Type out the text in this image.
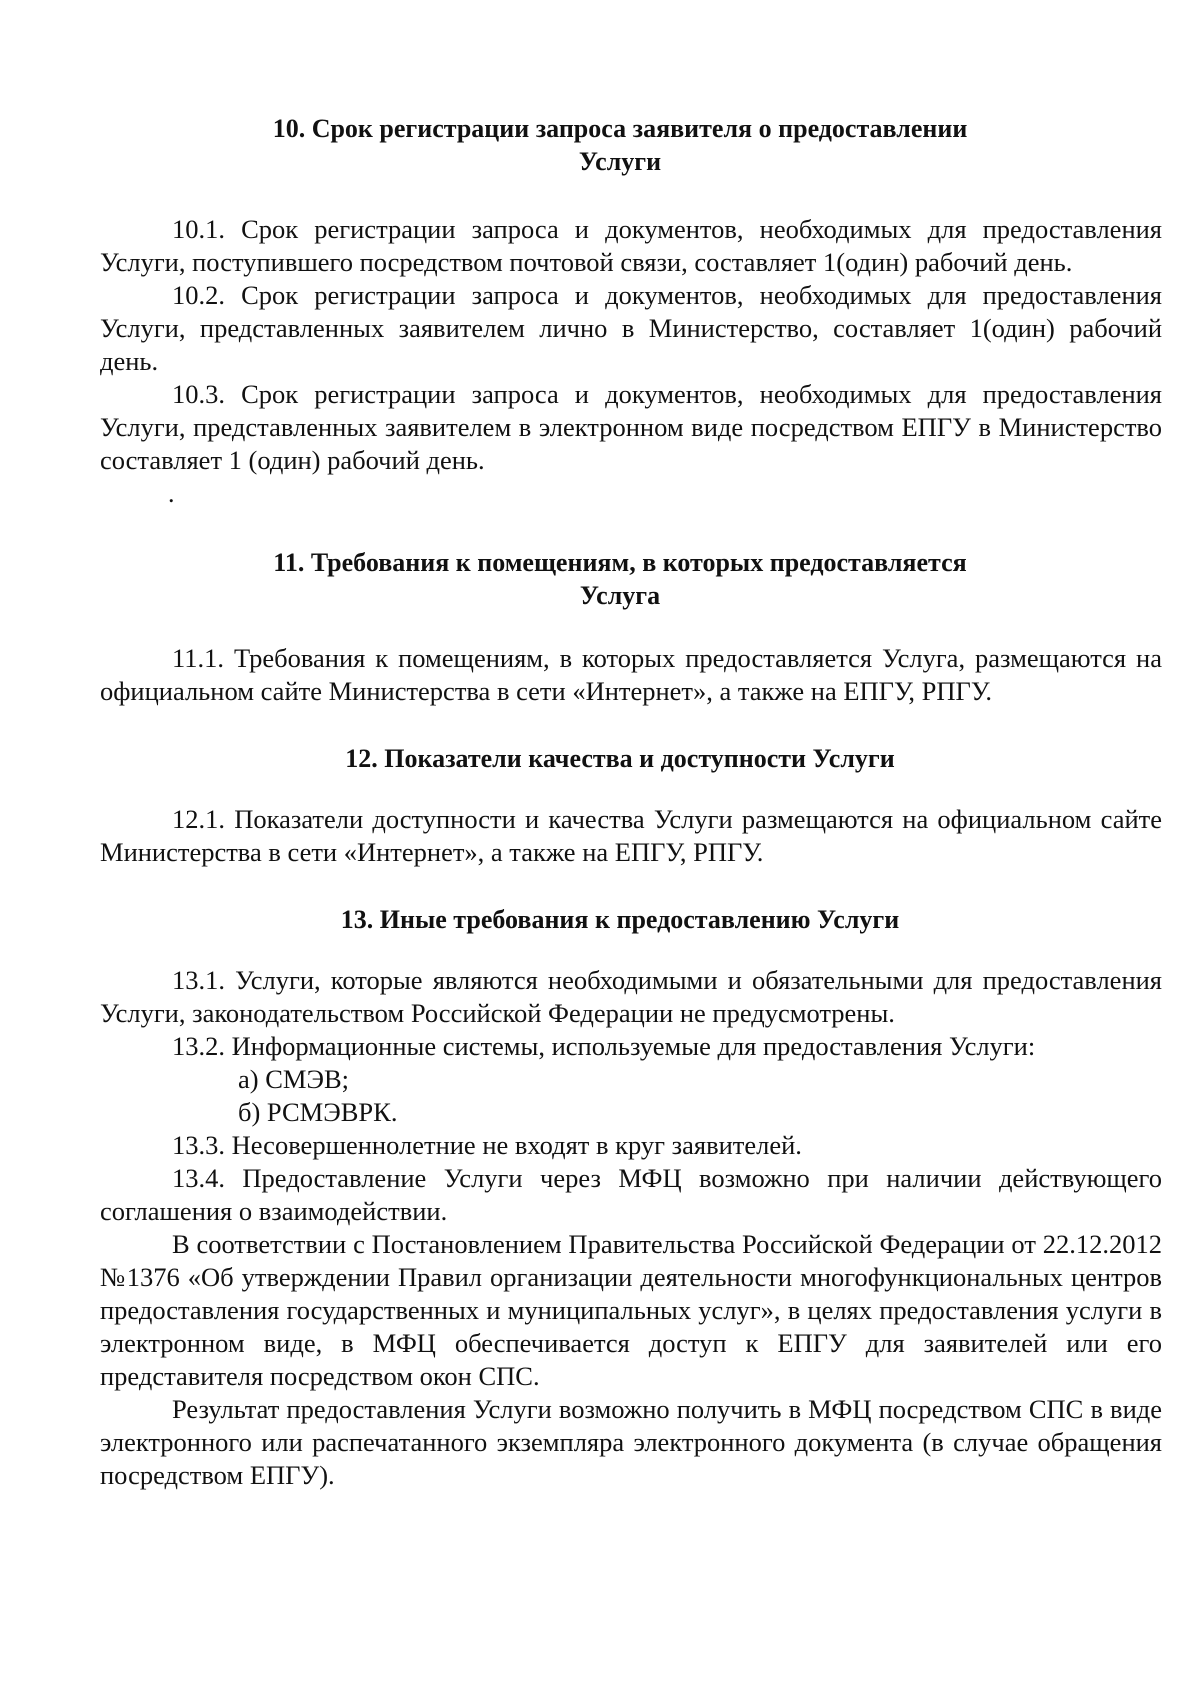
10. Срок регистрации запроса заявителя о предоставлении
Услуги

10.1. Срок регистрации запроса и документов, необходимых для предоставления Услуги, поступившего посредством почтовой связи, составляет 1(один) рабочий день.

10.2. Срок регистрации запроса и документов, необходимых для предоставления Услуги, представленных заявителем лично в Министерство, составляет 1(один) рабочий день.

10.3. Срок регистрации запроса и документов, необходимых для предоставления Услуги, представленных заявителем в электронном виде посредством ЕПГУ в Министерство составляет 1 (один) рабочий день.

.
11. Требования к помещениям, в которых предоставляется
Услуга

11.1. Требования к помещениям, в которых предоставляется Услуга, размещаются на официальном сайте Министерства в сети «Интернет», а также на ЕПГУ, РПГУ.

12. Показатели качества и доступности Услуги

12.1. Показатели доступности и качества Услуги размещаются на официальном сайте Министерства в сети «Интернет», а также на ЕПГУ, РПГУ.

13. Иные требования к предоставлению Услуги

13.1. Услуги, которые являются необходимыми и обязательными для предоставления Услуги, законодательством Российской Федерации не предусмотрены.

13.2. Информационные системы, используемые для предоставления Услуги:

а) СМЭВ;
б) РСМЭВРК.

13.3. Несовершеннолетние не входят в круг заявителей.

13.4. Предоставление Услуги через МФЦ возможно при наличии действующего соглашения о взаимодействии.

В соответствии с Постановлением Правительства Российской Федерации от 22.12.2012 №1376 «Об утверждении Правил организации деятельности многофункциональных центров предоставления государственных и муниципальных услуг», в целях предоставления услуги в электронном виде, в МФЦ обеспечивается доступ к ЕПГУ для заявителей или его представителя посредством окон СПС.

Результат предоставления Услуги возможно получить в МФЦ посредством СПС в виде электронного или распечатанного экземпляра электронного документа (в случае обращения посредством ЕПГУ).
